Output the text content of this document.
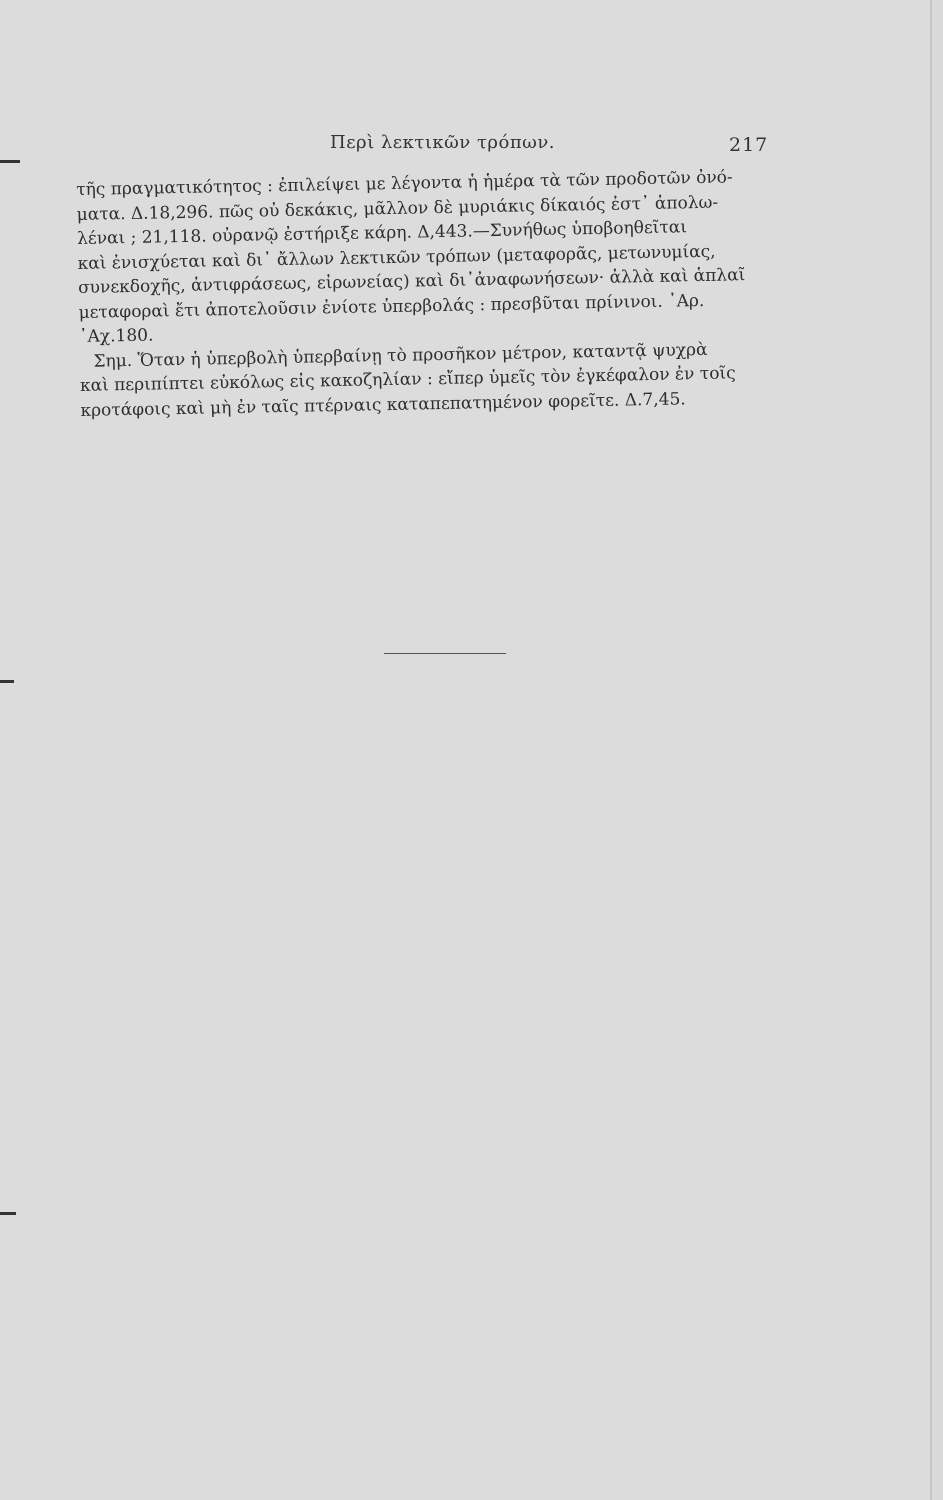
Περὶ λεκτικῶν τρόπων.	217
τῆς πραγματικότητος : ἐπιλείψει με λέγοντα ἡ ἡμέρα τὰ τῶν προδοτῶν ὀνό-
ματα. Δ.18,296. πῶς οὐ δεκάκις, μᾶλλον δὲ μυριάκις δίκαιός ἐστ᾽ ἀπολω-
λέναι ; 21,118. οὐρανῷ ἐστήριξε κάρη. Δ,443.—Συνήθως ὑποβοηθεῖται
καὶ ἐνισχύεται καὶ δι᾽ ἄλλων λεκτικῶν τρόπων (μεταφορᾶς, μετωνυμίας,
συνεκδοχῆς, ἀντιφράσεως, εἰρωνείας) καὶ δι᾽ἀναφωνήσεων· ἀλλὰ καὶ ἁπλαῖ
μεταφοραὶ ἔτι ἀποτελοῦσιν ἐνίοτε ὑπερβολάς : πρεσβῦται πρίνινοι. ᾽Αρ.
᾽Αχ.180.
Σημ. Ὅταν ἡ ὑπερβολὴ ὑπερβαίνῃ τὸ προσῆκον μέτρον, καταντᾷ ψυχρὰ
καὶ περιπίπτει εὐκόλως εἰς κακοζηλίαν : εἴπερ ὑμεῖς τὸν ἐγκέφαλον ἐν τοῖς
κροτάφοις καὶ μὴ ἐν ταῖς πτέρναις καταπεπατημένον φορεῖτε. Δ.7,45.
